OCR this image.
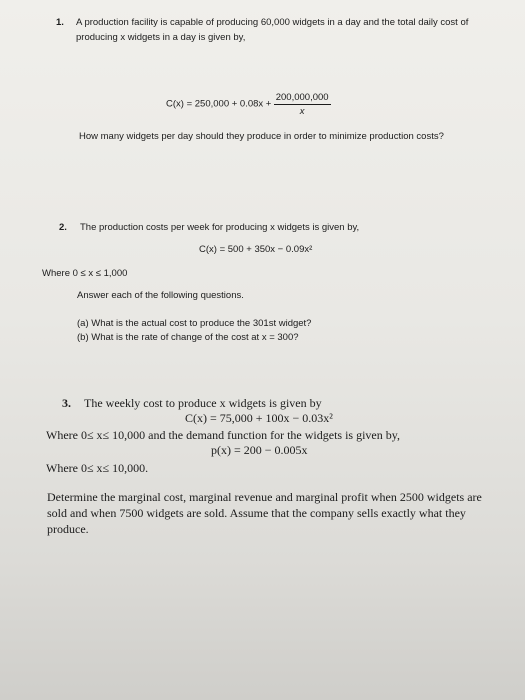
1. A production facility is capable of producing 60,000 widgets in a day and the total daily cost of
producing x widgets in a day is given by,
$C(x) = 250,000 + 0.08x + \frac{200,000,000}{x}$
How many widgets per day should they produce in order to minimize production costs?
2. The production costs per week for producing x widgets is given by,
C(x) = 500 + 350x − 0.09x²
Where 0 ≤ x ≤ 1,000
Answer each of the following questions.
(a) What is the actual cost to produce the 301st widget?
(b) What is the rate of change of the cost at x = 300?
3. The weekly cost to produce x widgets is given by
C(x) = 75,000 + 100x − 0.03x²
Where 0≤ x≤ 10,000 and the demand function for the widgets is given by,
p(x) = 200 − 0.005x
Where 0≤ x≤ 10,000.
Determine the marginal cost, marginal revenue and marginal profit when 2500 widgets are sold and when 7500 widgets are sold. Assume that the company sells exactly what they produce.
